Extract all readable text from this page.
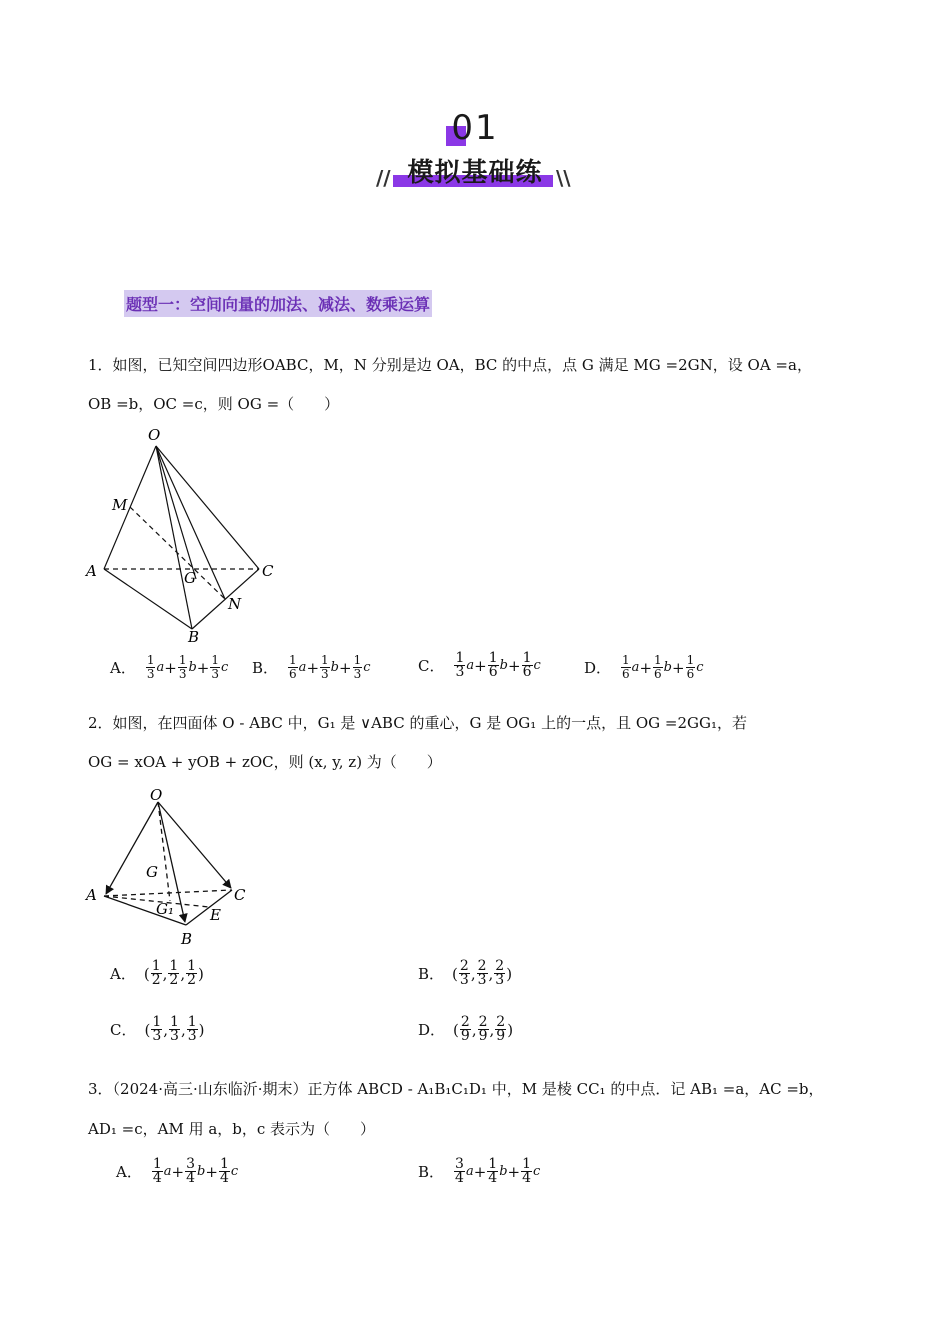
01
模拟基础练
//	\\
题型一：空间向量的加法、减法、数乘运算
1．如图，已知空间四边形OABC，M，N 分别是边 OA，BC 的中点，点 G 满足 MG =2GN，设 OA =a，
OB =b，OC =c，则 OG =（　　）
O
M
A	G	C
N
B
A． $\frac{1}{3}$ $a + \frac{1}{3}$ $b + \frac{1}{3}$ c B． $\frac{1}{6}$ $a + \frac{1}{3}$ $b + \frac{1}{3}$ c	C． $\frac{1}{3}$ $a + \frac{1}{6}$ $b + \frac{1}{6}$ c	D． $\frac{1}{6}$ $a + \frac{1}{6}$ $b + \frac{1}{6}$ c
2．如图，在四面体 O - ABC 中，G₁ 是 ∨ABC 的重心，G 是 OG₁ 上的一点，且 OG =2GG₁，若
OG = xOA + yOB + zOC，则 (x, y, z) 为（　　）
O
G
A	C
G₁ E
B
A． ( $\frac{1}{2}$ , $\frac{1}{2}$ , $\frac{1}{2}$ )	B． ( $\frac{2}{3}$ , $\frac{2}{3}$ , $\frac{2}{3}$ )
C． ( $\frac{1}{3}$ , $\frac{1}{3}$ , $\frac{1}{3}$ )	D． ( $\frac{2}{9}$ , $\frac{2}{9}$ , $\frac{2}{9}$ )
3．（2024·高三·山东临沂·期末）正方体 ABCD - A₁B₁C₁D₁ 中，M 是棱 CC₁ 的中点．记 AB₁ =a，AC =b，
AD₁ =c，AM 用 a，b，c 表示为（　　）
A． $\frac{1}{4}$ $a + \frac{3}{4}$ $b + \frac{1}{4}$ c	B． $\frac{3}{4}$ $a + \frac{1}{4}$ $b + \frac{1}{4}$ c
